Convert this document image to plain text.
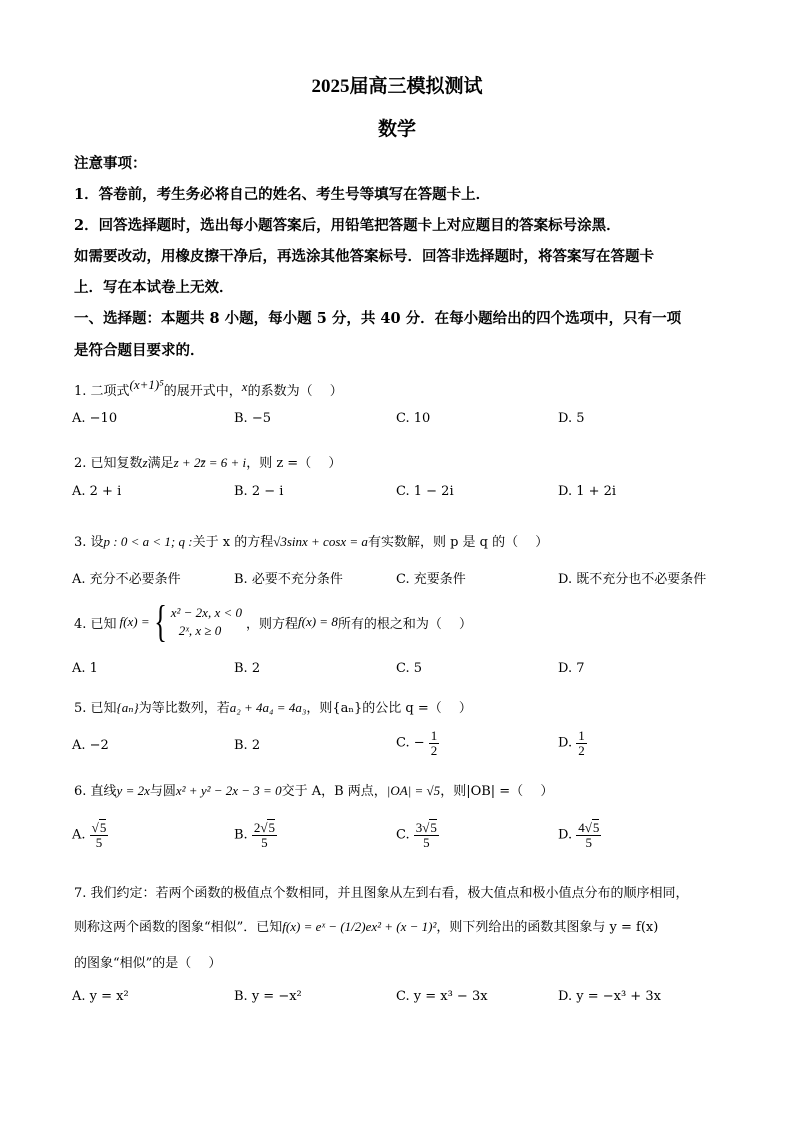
2025届高三模拟测试
数学
注意事项：
1．答卷前，考生务必将自己的姓名、考生号等填写在答题卡上．
2．回答选择题时，选出每小题答案后，用铅笔把答题卡上对应题目的答案标号涂黑．
如需要改动，用橡皮擦干净后，再选涂其他答案标号．回答非选择题时，将答案写在答题卡
上．写在本试卷上无效．
一、选择题：本题共 8 小题，每小题 5 分，共 40 分．在每小题给出的四个选项中，只有一项
是符合题目要求的．
1. 二项式(x+1)⁵的展开式中，x的系数为（　 ）
A. −10	B. −5	C. 10	D. 5
2. 已知复数z满足z + 2z̄ = 6 + i，则 z =（　 ）
A. 2 + i	B. 2 − i	C. 1 − 2i	D. 1 + 2i
3. 设p : 0 < a < 1; q :关于 x 的方程√3sinx + cosx = a有实数解，则 p 是 q 的（　 ）
A. 充分不必要条件	B. 必要不充分条件	C. 充要条件	D. 既不充分也不必要条件
4. 已知 f(x) = { x² − 2x, x < 0
2ˣ, x ≥ 0	，则方程 f(x) = 8 所有的根之和为（　 ）
A. 1	B. 2	C. 5	D. 7
5. 已知{aₙ}为等比数列，若a₂ + 4a₄ = 4a₃，则{aₙ}的公比 q =（　 ）
A. −2	B. 2	C. − $\frac{1}{2}$	D. $\frac{1}{2}$
6. 直线y = 2x与圆x² + y² − 2x − 3 = 0交于 A，B 两点，|OA| = √5，则|OB| =（　 ）
A. $\frac{√5}{5}$	B. $\frac{2√5}{5}$	C. $\frac{3√5}{5}$	D. $\frac{4√5}{5}$
7. 我们约定：若两个函数的极值点个数相同，并且图象从左到右看，极大值点和极小值点分布的顺序相同，
则称这两个函数的图象“相似”．已知f(x) = eˣ − (1/2)ex² + (x − 1)²，则下列给出的函数其图象与 y = f(x)
的图象“相似”的是（　 ）
A. y = x²	B. y = −x²	C. y = x³ − 3x	D. y = −x³ + 3x
